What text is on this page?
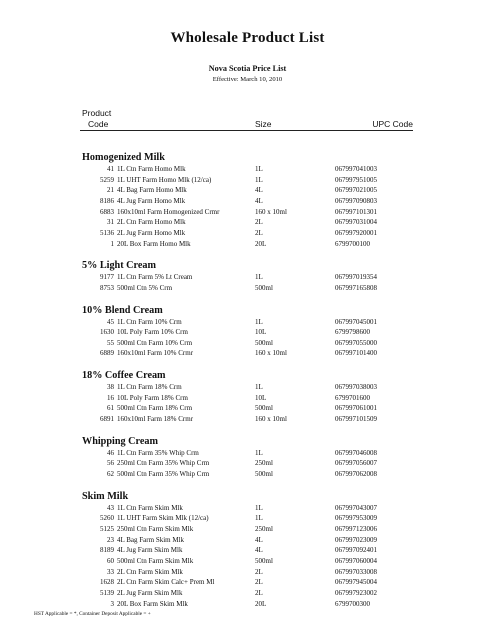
Wholesale Product List
Nova Scotia Price List
Effective: March 10, 2010
Product
Code	Size	UPC Code
Homogenized Milk
41 1L Ctn Farm Homo Mlk	1L	067997041003
5259 1L UHT Farm Homo Mlk (12/ca)	1L	067997951005
21 4L Bag Farm Homo Mlk	4L	067997021005
8186 4L Jug Farm Homo Mlk	4L	067997090803
6883 160x10ml Farm Homogenized Crmr	160 x 10ml	067997101301
31 2L Ctn Farm Homo Mlk	2L	067997031004
5136 2L Jug Farm Homo Mlk	2L	067997920001
1 20L Box Farm Homo Mlk	20L	6799700100
5% Light Cream
9177 1L Ctn Farm 5% Lt Cream	1L	067997019354
8753 500ml Ctn 5% Crm	500ml	067997165808
10% Blend Cream
45 1L Ctn Farm 10% Crm	1L	067997045001
1630 10L Poly Farm 10% Crm	10L	6799798600
55 500ml Ctn Farm 10% Crm	500ml	067997055000
6889 160x10ml Farm 10% Crmr	160 x 10ml	067997101400
18% Coffee Cream
38 1L Ctn Farm 18% Crm	1L	067997038003
16 10L Poly Farm 18% Crm	10L	6799701600
61 500ml Ctn Farm 18% Crm	500ml	067997061001
6891 160x10ml Farm 18% Crmr	160 x 10ml	067997101509
Whipping Cream
46 1L Ctn Farm 35% Whip Crm	1L	067997046008
56 250ml Ctn Farm 35% Whip Crm	250ml	067997056007
62 500ml Ctn Farm 35% Whip Crm	500ml	067997062008
Skim Milk
43 1L Ctn Farm Skim Mlk	1L	067997043007
5260 1L UHT Farm Skim Mlk (12/ca)	1L	067997953009
5125 250ml Ctn Farm Skim Mlk	250ml	067997123006
23 4L Bag Farm Skim Mlk	4L	067997023009
8189 4L Jug Farm Skim Mlk	4L	067997092401
60 500ml Ctn Farm Skim Mlk	500ml	067997060004
33 2L Ctn Farm Skim Mlk	2L	067997033008
1628 2L Ctn Farm Skim Calc+ Prem Ml	2L	067997945004
5139 2L Jug Farm Skim Mlk	2L	067997923002
3 20L Box Farm Skim Mlk	20L	6799700300
HST Applicable = *, Container Deposit Applicable = +
